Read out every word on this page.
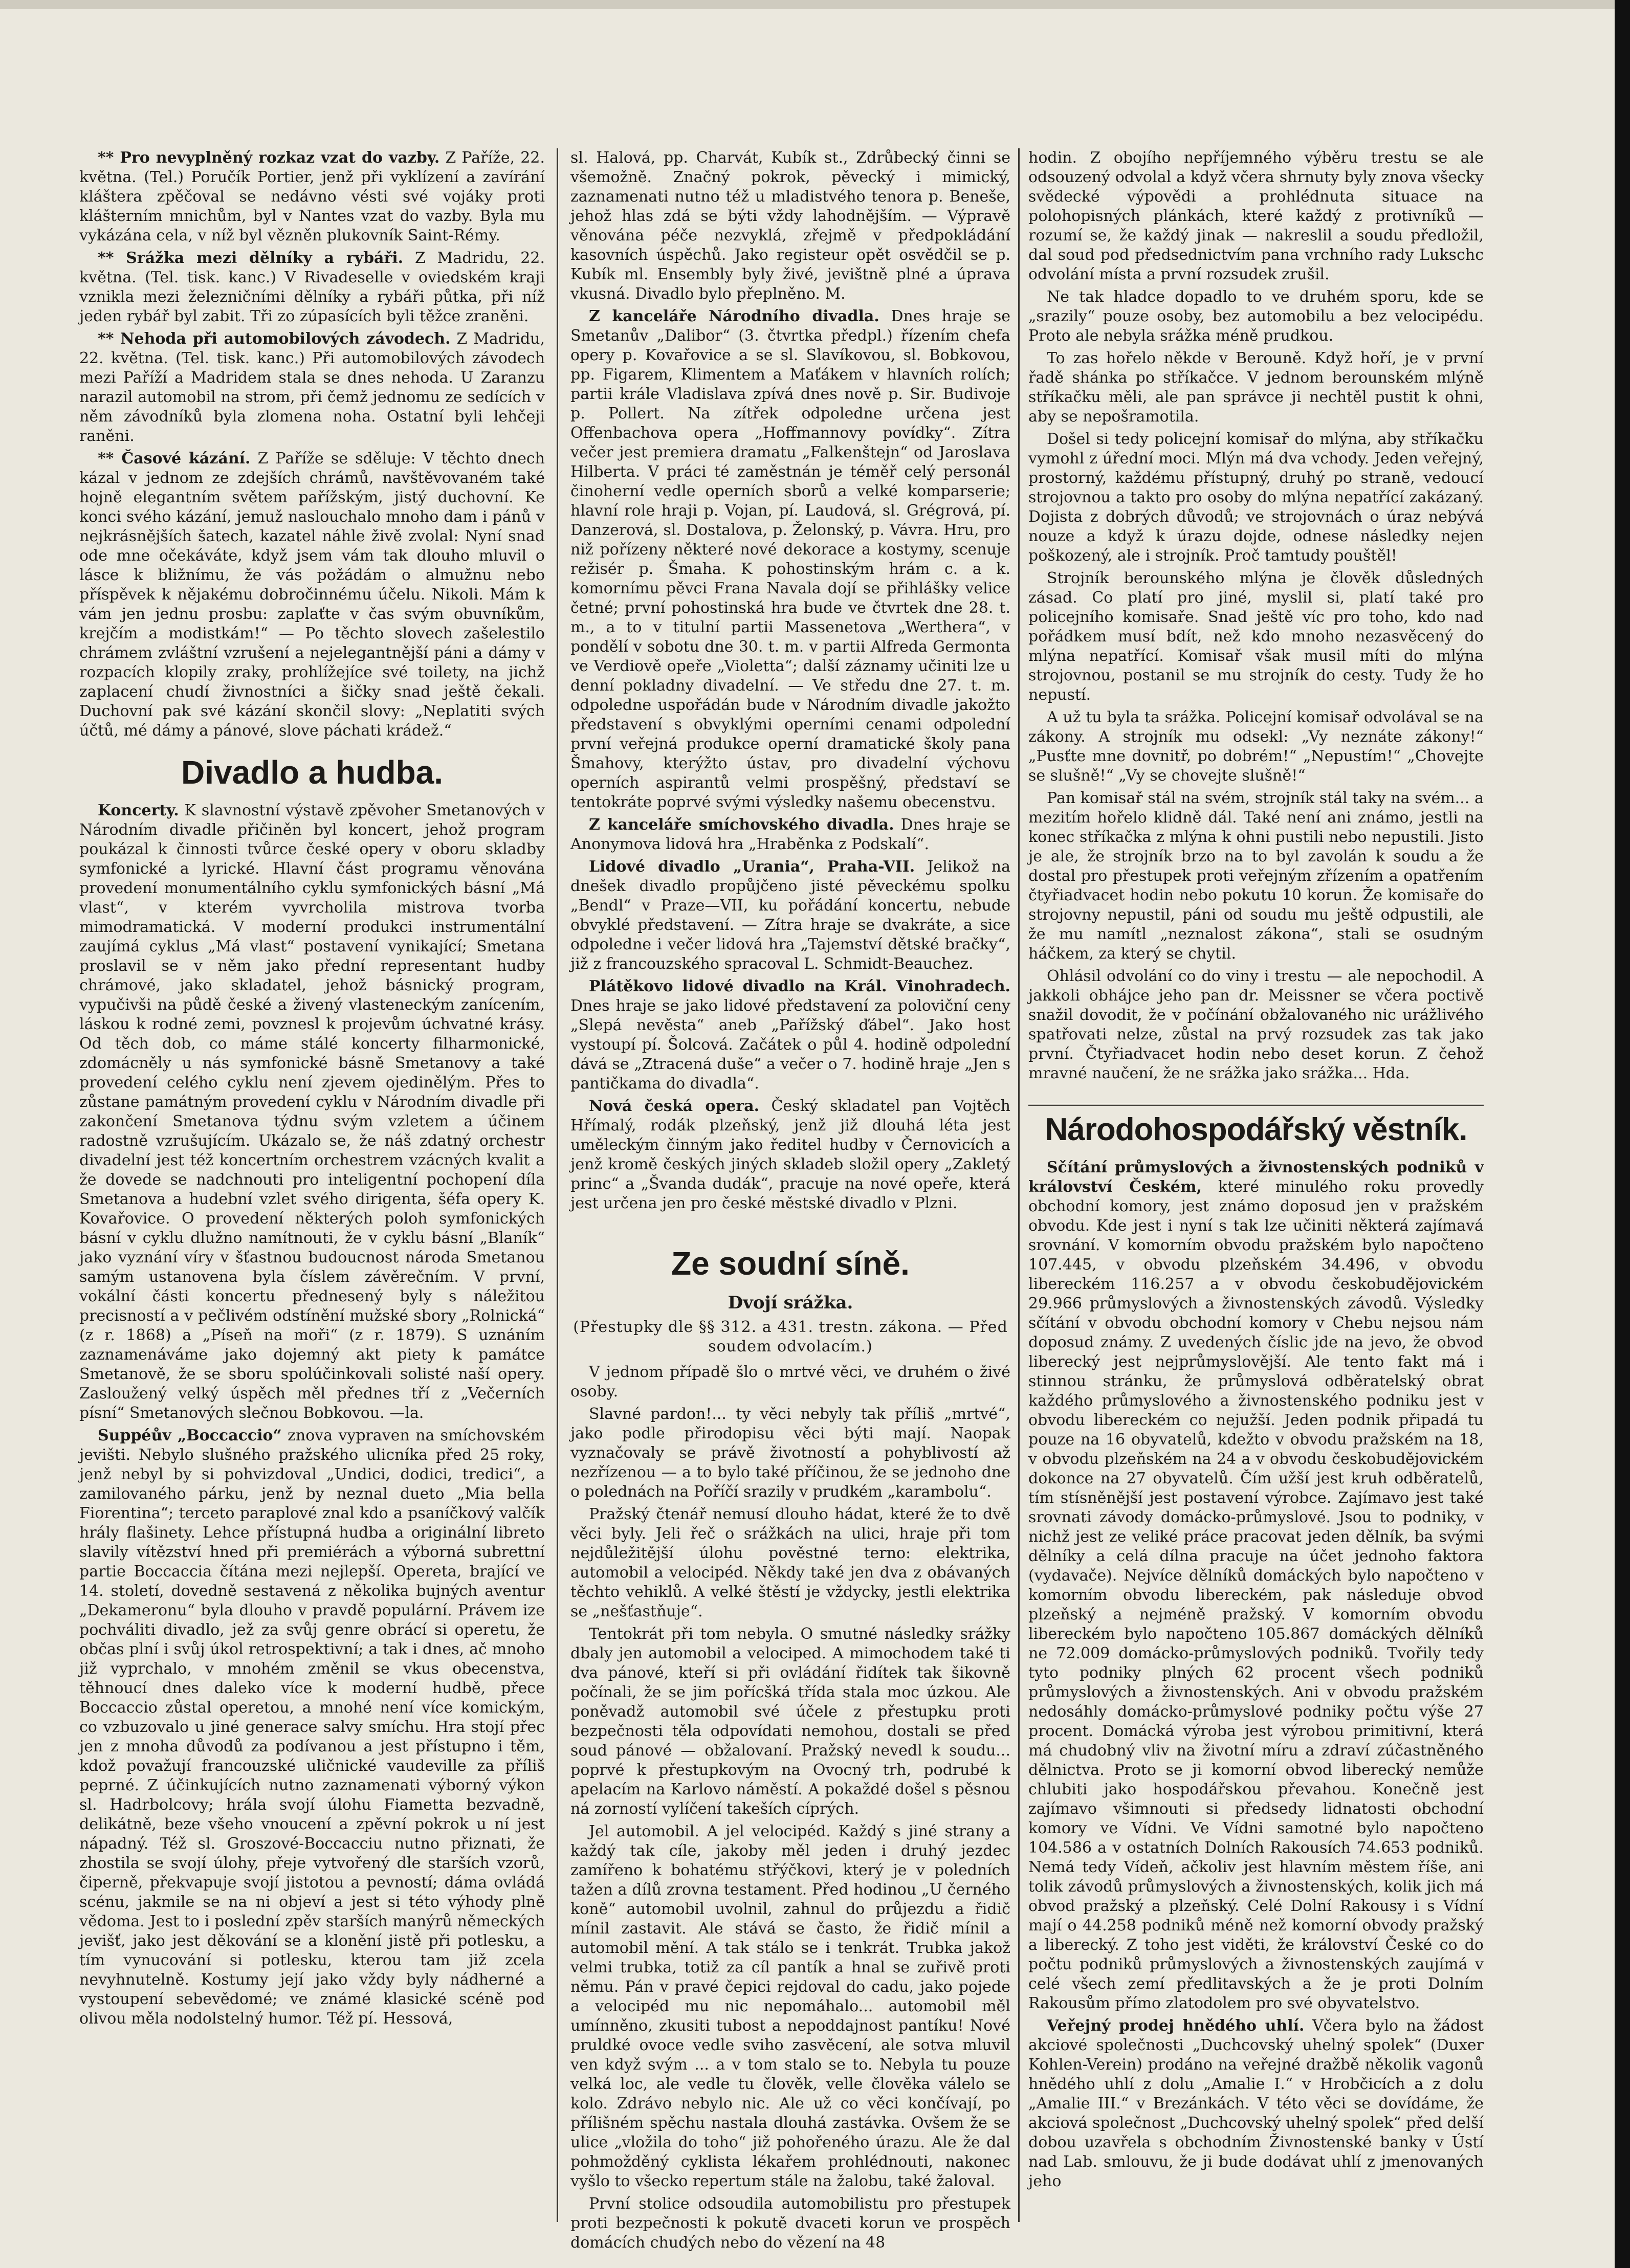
** Pro nevyplněný rozkaz vzat do vazby. Z Paříže, 22. května. (Tel.) Poručík Portier, jenž při vyklízení a zavírání kláštera zpěčoval se nedávno vésti své vojáky proti klášterním mnichům, byl v Nantes vzat do vazby. Byla mu vykázána cela, v níž byl vězněn plukovník Saint-Rémy.

** Srážka mezi dělníky a rybáři. Z Madridu, 22. května. (Tel. tisk. kanc.) V Rivadeselle v oviedském kraji vznikla mezi železničními dělníky a rybáři půtka, při níž jeden rybář byl zabit. Tři zo zúpasících byli těžce zraněni.

** Nehoda při automobilových závodech. Z Madridu, 22. května. (Tel. tisk. kanc.) Při automobilových závodech mezi Paříží a Madridem stala se dnes nehoda. U Zaranzu narazil automobil na strom, při čemž jednomu ze sedících v něm závodníků byla zlomena noha. Ostatní byli lehčeji raněni.

** Časové kázání. Z Paříže se sděluje: V těchto dnech kázal v jednom ze zdejších chrámů, navštěvovaném také hojně elegantním světem pařížským, jistý duchovní. Ke konci svého kázání, jemuž naslouchalo mnoho dam i pánů v nejkrásnějších šatech, kazatel náhle živě zvolal: Nyní snad ode mne očekáváte, když jsem vám tak dlouho mluvil o lásce k bližnímu, že vás požádám o almužnu nebo příspěvek k nějakému dobročinnému účelu. Nikoli. Mám k vám jen jednu prosbu: zaplaťte v čas svým obuvníkům, krejčím a modistkám!“ — Po těchto slovech zašelestilo chrámem zvláštní vzrušení a nejelegantnější páni a dámy v rozpacích klopily zraky, prohlížejíce své toilety, na jichž zaplacení chudí živnostníci a šičky snad ještě čekali. Duchovní pak své kázání skončil slovy: „Neplatiti svých účtů, mé dámy a pánové, slove páchati krádež.“

Divadlo a hudba.

Koncerty. K slavnostní výstavě zpěvoher Smetanových v Národním divadle přičiněn byl koncert, jehož program poukázal k činnosti tvůrce české opery v oboru skladby symfonické a lyrické. Hlavní část programu věnována provedení monumentálního cyklu symfonických básní „Má vlast“, v kterém vyvrcholila mistrova tvorba mimodramatická. V moderní produkci instrumentální zaujímá cyklus „Má vlast“ postavení vynikající; Smetana proslavil se v něm jako přední representant hudby chrámové, jako skladatel, jehož básnický program, vypučivši na půdě české a živený vlasteneckým zanícením, láskou k rodné zemi, povznesl k projevům úchvatné krásy. Od těch dob, co máme stálé koncerty filharmonické, zdomácněly u nás symfonické básně Smetanovy a také provedení celého cyklu není zjevem ojedinělým. Přes to zůstane památným provedení cyklu v Národním divadle při zakončení Smetanova týdnu svým vzletem a účinem radostně vzrušujícím. Ukázalo se, že náš zdatný orchestr divadelní jest též koncertním orchestrem vzácných kvalit a že dovede se nadchnouti pro inteligentní pochopení díla Smetanova a hudební vzlet svého dirigenta, šéfa opery K. Kovařovice. O provedení některých poloh symfonických básní v cyklu dlužno namítnouti, že v cyklu básní „Blaník“ jako vyznání víry v šťastnou budoucnost národa Smetanou samým ustanovena byla číslem závěrečním. V první, vokální části koncertu přednesený byly s náležitou precisností a v pečlivém odstínění mužské sbory „Rolnická“ (z r. 1868) a „Píseň na moři“ (z r. 1879). S uznáním zaznamenáváme jako dojemný akt piety k památce Smetanově, že se sboru spolúčinkovali solisté naší opery. Zasloužený velký úspěch měl přednes tří z „Večerních písní“ Smetanových slečnou Bobkovou. —la.

Suppéův „Boccaccio“ znova vypraven na smíchovském jevišti. Nebylo slušného pražského ulicníka před 25 roky, jenž nebyl by si pohvizdoval „Undici, dodici, tredici“, a zamilovaného párku, jenž by neznal dueto „Mia bella Fiorentina“; terceto paraplové znal kdo a psaníčkový valčík hrály flašinety. Lehce přístupná hudba a originální libreto slavily vítězství hned při premiérách a výborná subrettní partie Boccaccia čítána mezi nejlepší. Opereta, brající ve 14. století, dovedně sestavená z několika bujných aventur „Dekameronu“ byla dlouho v pravdě populární. Právem ize pochváliti divadlo, jež za svůj genre obrácí si operetu, že občas plní i svůj úkol retrospektivní; a tak i dnes, ač mnoho již vyprchalo, v mnohém změnil se vkus obecenstva, těhnoucí dnes daleko více k moderní hudbě, přece Boccaccio zůstal operetou, a mnohé není více komickým, co vzbuzovalo u jiné generace salvy smíchu. Hra stojí přec jen z mnoha důvodů za podívanou a jest přístupno i těm, kdož považují francouzské uličnické vaudeville za příliš peprné. Z účinkujících nutno zaznamenati výborný výkon sl. Hadrbolcovy; hrála svojí úlohu Fiametta bezvadně, delikátně, beze všeho vnoucení a zpěvní pokrok u ní jest nápadný. Též sl. Groszové-Boccacciu nutno přiznati, že zhostila se svojí úlohy, přeje vytvořený dle starších vzorů, čiperně, překvapuje svojí jistotou a pevností; dáma ovládá scénu, jakmile se na ni objeví a jest si této výhody plně vědoma. Jest to i poslední zpěv starších manýrů německých jevišť, jako jest děkování se a klonění jistě při potlesku, a tím vynucování si potlesku, kterou tam již zcela nevyhnutelně. Kostumy její jako vždy byly nádherné a vystoupení sebevědomé; ve známé klasické scéně pod olivou měla nodolstelný humor. Též pí. Hessová,

sl. Halová, pp. Charvát, Kubík st., Zdrůbecký činni se všemožně. Značný pokrok, pěvecký i mimický, zaznamenati nutno též u mladistvého tenora p. Beneše, jehož hlas zdá se býti vždy lahodnějším. — Výpravě věnována péče nezvyklá, zřejmě v předpokládání kasovních úspěchů. Jako registeur opět osvědčil se p. Kubík ml. Ensembly byly živé, jevištně plné a úprava vkusná. Divadlo bylo přeplněno. M.

Z kanceláře Národního divadla. Dnes hraje se Smetanův „Dalibor“ (3. čtvrtka předpl.) řízením chefa opery p. Kovařovice a se sl. Slavíkovou, sl. Bobkovou, pp. Figarem, Klimentem a Maťákem v hlavních rolích; partii krále Vladislava zpívá dnes nově p. Sir. Budivoje p. Pollert. Na zítřek odpoledne určena jest Offenbachova opera „Hoffmannovy povídky“. Zítra večer jest premiera dramatu „Falkenštejn“ od Jaroslava Hilberta. V práci té zaměstnán je téměř celý personál činoherní vedle operních sborů a velké komparserie; hlavní role hraji p. Vojan, pí. Laudová, sl. Grégrová, pí. Danzerová, sl. Dostalova, p. Želonský, p. Vávra. Hru, pro niž pořízeny některé nové dekorace a kostymy, scenuje režisér p. Šmaha. K pohostinským hrám c. a k. komornímu pěvci Frana Navala dojí se přihlášky velice četné; první pohostinská hra bude ve čtvrtek dne 28. t. m., a to v titulní partii Massenetova „Werthera“, v pondělí v sobotu dne 30. t. m. v partii Alfreda Germonta ve Verdiově opeře „Violetta“; další záznamy učiniti lze u denní pokladny divadelní. — Ve středu dne 27. t. m. odpoledne uspořádán bude v Národním divadle jakožto představení s obvyklými operními cenami odpolední první veřejná produkce operní dramatické školy pana Šmahovy, kterýžto ústav, pro divadelní výchovu operních aspirantů velmi prospěšný, představí se tentokráte poprvé svými výsledky našemu obecenstvu.

Z kanceláře smíchovského divadla. Dnes hraje se Anonymova lidová hra „Hraběnka z Podskalí“.

Lidové divadlo „Urania“, Praha-VII. Jelikož na dnešek divadlo propůjčeno jisté pěveckému spolku „Bendl“ v Praze—VII, ku pořádání koncertu, nebude obvyklé představení. — Zítra hraje se dvakráte, a sice odpoledne i večer lidová hra „Tajemství dětské bračky“, již z francouzského spracoval L. Schmidt-Beauchez.

Plátěkovo lidové divadlo na Král. Vinohradech. Dnes hraje se jako lidové představení za poloviční ceny „Slepá nevěsta“ aneb „Pařížský ďábel“. Jako host vystoupí pí. Šolcová. Začátek o půl 4. hodině odpolední dává se „Ztracená duše“ a večer o 7. hodině hraje „Jen s pantičkama do divadla“.

Nová česká opera. Český skladatel pan Vojtěch Hřímalý, rodák plzeňský, jenž již dlouhá léta jest uměleckým činným jako ředitel hudby v Černovicích a jenž kromě českých jiných skladeb složil opery „Zakletý princ“ a „Švanda dudák“, pracuje na nové opeře, která jest určena jen pro české městské divadlo v Plzni.

Ze soudní síně.
Dvojí srážka.
(Přestupky dle §§ 312. a 431. trestn. zákona. — Před soudem odvolacím.)

V jednom případě šlo o mrtvé věci, ve druhém o živé osoby.

Slavné pardon!... ty věci nebyly tak příliš „mrtvé“, jako podle přirodopisu věci býti mají. Naopak vyznačovaly se právě životností a pohyblivostí až nezřízenou — a to bylo také příčinou, že se jednoho dne o polednách na Poříčí srazily v prudkém „karambolu“.

Pražský čtenář nemusí dlouho hádat, které že to dvě věci byly. Jeli řeč o srážkách na ulici, hraje při tom nejdůležitější úlohu pověstné terno: elektrika, automobil a velocipéd. Někdy také jen dva z obávaných těchto vehiklů. A velké štěstí je vždycky, jestli elektrika se „nešťastňuje“.

Tentokrát při tom nebyla. O smutné následky srážky dbaly jen automobil a velociped. A mimochodem také ti dva pánové, kteří si při ovládání řidítek tak šikovně počínali, že se jim pořícšká třída stala moc úzkou. Ale poněvadž automobil své účele z přestupku proti bezpečnosti těla odpovídati nemohou, dostali se před soud pánové — obžalovaní. Pražský nevedl k soudu... poprvé k přestupkovým na Ovocný trh, podrubé k apelacím na Karlovo náměstí. A pokaždé došel s pěsnou ná zorností vylíčení takeších cíprých.

Jel automobil. A jel velocipéd. Každý s jiné strany a každý tak cíle, jakoby měl jeden i druhý jezdec zamířeno k bohatému střýčkovi, který je v poledních tažen a dílů zrovna testament. Před hodinou „U černého koně“ automobil uvolnil, zahnul do průjezdu a řidič mínil zastavit. Ale stává se často, že řidič mínil a automobil mění. A tak stálo se i tenkrát. Trubka jakož velmi trubka, totiž za cíl pantík a hnal se zuřivě proti němu. Pán v pravé čepici rejdoval do cadu, jako pojede a velocipéd mu nic nepomáhalo... automobil měl umínněno, zkusiti tubost a nepoddajnost pantíku! Nové pruldké ovoce vedle sviho zasvěcení, ale sotva mluvil ven když svým ... a v tom stalo se to. Nebyla tu pouze velká loc, ale vedle tu člověk, velle člověka válelo se kolo. Zdrávo nebylo nic. Ale už co věci končívají, po přílišném spěchu nastala dlouhá zastávka. Ovšem že se ulice „vložila do toho“ již pohořeného úrazu. Ale že dal pohmožděný cyklista lékařem prohlédnouti, nakonec vyšlo to všecko repertum stále na žalobu, také žaloval.

První stolice odsoudila automobilistu pro přestupek proti bezpečnosti k pokutě dvaceti korun ve prospěch domácích chudých nebo do vězení na 48

hodin. Z obojího nepříjemného výběru trestu se ale odsouzený odvolal a když včera shrnuty byly znova všecky svědecké výpovědi a prohlédnuta situace na polohopisných plánkách, které každý z protivníků — rozumí se, že každý jinak — nakreslil a soudu předložil, dal soud pod předsednictvím pana vrchního rady Lukschc odvolání místa a první rozsudek zrušil.

Ne tak hladce dopadlo to ve druhém sporu, kde se „srazily“ pouze osoby, bez automobilu a bez velocipédu. Proto ale nebyla srážka méně prudkou.

To zas hořelo někde v Berouně. Když hoří, je v první řadě shánka po stříkačce. V jednom berounském mlýně stříkačku měli, ale pan správce ji nechtěl pustit k ohni, aby se nepošramotila.

Došel si tedy policejní komisař do mlýna, aby stříkačku vymohl z úřední moci. Mlýn má dva vchody. Jeden veřejný, prostorný, každému přístupný, druhý po straně, vedoucí strojovnou a takto pro osoby do mlýna nepatřící zakázaný. Dojista z dobrých důvodů; ve strojovnách o úraz nebývá nouze a když k úrazu dojde, odnese následky nejen poškozený, ale i strojník. Proč tamtudy pouštěl!

Strojník berounského mlýna je člověk důsledných zásad. Co platí pro jiné, myslil si, platí také pro policejního komisaře. Snad ještě víc pro toho, kdo nad pořádkem musí bdít, než kdo mnoho nezasvěcený do mlýna nepatřící. Komisař však musil míti do mlýna strojovnou, postanil se mu strojník do cesty. Tudy že ho nepustí.

A už tu byla ta srážka. Policejní komisař odvolával se na zákony. A strojník mu odsekl: „Vy neznáte zákony!“ „Pusťte mne dovnitř, po dobrém!“ „Nepustím!“ „Chovejte se slušně!“ „Vy se chovejte slušně!“

Pan komisař stál na svém, strojník stál taky na svém... a mezitím hořelo klidně dál. Také není ani známo, jestli na konec stříkačka z mlýna k ohni pustili nebo nepustili. Jisto je ale, že strojník brzo na to byl zavolán k soudu a že dostal pro přestupek proti veřejným zřízením a opatřením čtyřiadvacet hodin nebo pokutu 10 korun. Že komisaře do strojovny nepustil, páni od soudu mu ještě odpustili, ale že mu namítl „neznalost zákona“, stali se osudným háčkem, za který se chytil.

Ohlásil odvolání co do viny i trestu — ale nepochodil. A jakkoli obhájce jeho pan dr. Meissner se včera poctivě snažil dovodit, že v počínání obžalovaného nic urážlivého spatřovati nelze, zůstal na prvý rozsudek zas tak jako první. Čtyřiadvacet hodin nebo deset korun. Z čehož mravné naučení, že ne srážka jako srážka... Hda.

Národohospodářský věstník.

Sčítání průmyslových a živnostenských podniků v království Českém, které minulého roku provedly obchodní komory, jest známo doposud jen v pražském obvodu. Kde jest i nyní s tak lze učiniti některá zajímavá srovnání. V komorním obvodu pražském bylo napočteno 107.445, v obvodu plzeňském 34.496, v obvodu libereckém 116.257 a v obvodu českobudějovickém 29.966 průmyslových a živnostenských závodů. Výsledky sčítání v obvodu obchodní komory v Chebu nejsou nám doposud známy. Z uvedených číslic jde na jevo, že obvod liberecký jest nejprůmyslovější. Ale tento fakt má i stinnou stránku, že průmyslová odběratelský obrat každého průmyslového a živnostenského podniku jest v obvodu libereckém co nejužší. Jeden podnik připadá tu pouze na 16 obyvatelů, kdežto v obvodu pražském na 18, v obvodu plzeňském na 24 a v obvodu českobudějovickém dokonce na 27 obyvatelů. Čím užší jest kruh odběratelů, tím stísněnější jest postavení výrobce. Zajímavo jest také srovnati závody domácko-průmyslové. Jsou to podniky, v nichž jest ze veliké práce pracovat jeden dělník, ba svými dělníky a celá dílna pracuje na účet jednoho faktora (vydavače). Nejvíce dělníků domáckých bylo napočteno v komorním obvodu libereckém, pak následuje obvod plzeňský a nejméně pražský. V komorním obvodu libereckém bylo napočteno 105.867 domáckých dělníků ne 72.009 domácko-průmyslových podniků. Tvořily tedy tyto podniky plných 62 procent všech podniků průmyslových a živnostenských. Ani v obvodu pražském nedosáhly domácko-průmyslové podniky počtu výše 27 procent. Domácká výroba jest výrobou primitivní, která má chudobný vliv na životní míru a zdraví zúčastněného dělnictva. Proto se ji komorní obvod liberecký nemůže chlubiti jako hospodářskou převahou. Konečně jest zajímavo všimnouti si předsedy lidnatosti obchodní komory ve Vídni. Ve Vídni samotné bylo napočteno 104.586 a v ostatních Dolních Rakousích 74.653 podniků. Nemá tedy Vídeň, ačkoliv jest hlavním městem říše, ani tolik závodů průmyslových a živnostenských, kolik jich má obvod pražský a plzeňský. Celé Dolní Rakousy i s Vídní mají o 44.258 podniků méně než komorní obvody pražský a liberecký. Z toho jest viděti, že království České co do počtu podniků průmyslových a živnostenských zaujímá v celé všech zemí předlitavských a že je proti Dolním Rakousům přímo zlatodolem pro své obyvatelstvo.

Veřejný prodej hnědého uhlí. Včera bylo na žádost akciové společnosti „Duchcovský uhelný spolek“ (Duxer Kohlen-Verein) prodáno na veřejné dražbě několik vagonů hnědého uhlí z dolu „Amalie I.“ v Hrobčicích a z dolu „Amalie III.“ v Brezánkách. V této věci se dovídáme, že akciová společnost „Duchcovský uhelný spolek“ před delší dobou uzavřela s obchodním Živnostenské banky v Ústí nad Lab. smlouvu, že ji bude dodávat uhlí z jmenovaných jeho
